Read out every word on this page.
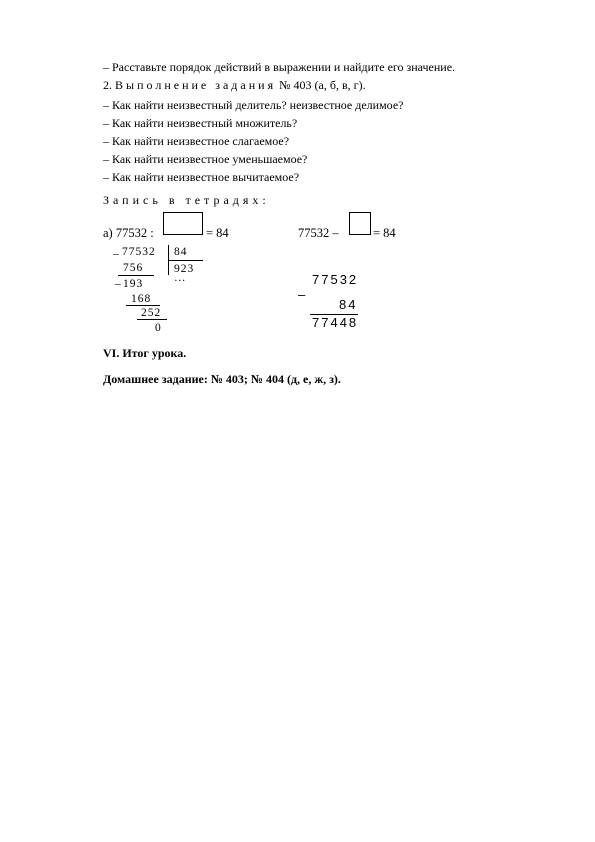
– Расставьте порядок действий в выражении и найдите его значение.
2. Выполнение задания № 403 (а, б, в, г).
– Как найти неизвестный делитель? неизвестное делимое?
– Как найти неизвестный множитель?
– Как найти неизвестное слагаемое?
– Как найти неизвестное уменьшаемое?
– Как найти неизвестное вычитаемое?
Запись в тетрадях:
а) 77532 :	= 84	77532 –	= 84
_ 77532 84
923
…
756
_ 193
168
252
0
77532
–
84
77448
VI. Итог урока.
Домашнее задание: № 403; № 404 (д, е, ж, з).
